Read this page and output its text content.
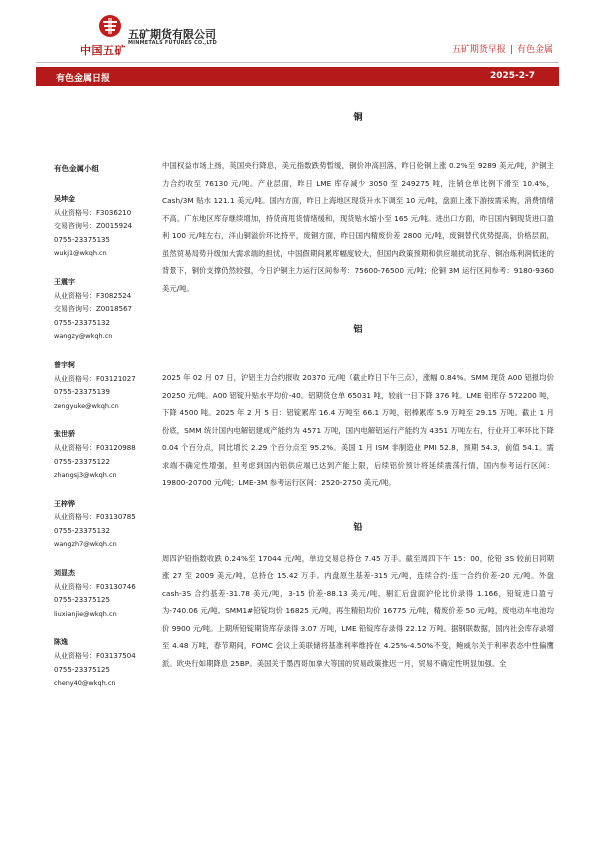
中国五矿
五矿期货有限公司
MINMETALS FUTURES CO.,LTD
五矿期货早报 | 有色金属
有色金属日报	2025-2-7
有色金属小组
吴坤金
从业资格号：F3036210
交易咨询号：Z0015924
0755-23375135
wukj1@wkqh.cn
王震宇
从业资格号：F3082524
交易咨询号：Z0018567
0755-23375132
wangzy@wkqh.cn
曾宇轲
从业资格号：F03121027
0755-23375139
zengyuke@wkqh.cn
张世骄
从业资格号：F03120988
0755-23375122
zhangsj3@wkqh.cn
王梓铧
从业资格号：F03130785
0755-23375132
wangzh7@wkqh.cn
刘显杰
从业资格号：F03130746
0755-23375125
liuxianjie@wkqh.cn
陈逸
从业资格号：F03137504
0755-23375125
cheny40@wkqh.cn
铜

中国权益市场上扬，英国央行降息，美元指数跌势暂缓，铜价冲高回落，昨日伦铜上涨 0.2%至 9289 美元/吨，沪铜主力合约收至 76130 元/吨。产业层面，昨日 LME 库存减少 3050 至 249275 吨，注销仓单比例下滑至 10.4%，Cash/3M 贴水 121.1 美元/吨。国内方面，昨日上海地区现货升水下调至 10 元/吨，盘面上涨下游按需采购，消费情绪不高。广东地区库存继续增加，持货商甩货情绪缓和，现货贴水缩小至 165 元/吨。进出口方面，昨日国内铜现货进口盈利 100 元/吨左右，洋山铜溢价环比持平，废铜方面，昨日国内精废价差 2800 元/吨，废铜替代优势提高，价格层面，虽然贸易局势升级加大需求端的担忧，中国假期间累库幅度较大，但国内政策预期和供应端扰动犹存、铜冶炼利润低迷的背景下，铜价支撑仍然较强，今日沪铜主力运行区间参考：75600-76500 元/吨；伦铜 3M 运行区间参考：9180-9360 美元/吨。

铝

2025 年 02 月 07 日，沪铝主力合约报收 20370 元/吨（截止昨日下午三点），涨幅 0.84%。SMM 现货 A00 铝报均价 20250 元/吨。A00 铝锭升贴水平均价-40。铝期货仓单 65031 吨，较前一日下降 376 吨。LME 铝库存 572200 吨，下降 4500 吨。2025 年 2 月 5 日：铝锭累库 16.4 万吨至 66.1 万吨，铝棒累库 5.9 万吨至 29.15 万吨。截止 1 月份底，SMM 统计国内电解铝建成产能约为 4571 万吨，国内电解铝运行产能约为 4351 万吨左右，行业开工率环比下降 0.04 个百分点，同比增长 2.29 个百分点至 95.2%。美国 1 月 ISM 非制造业 PMI 52.8，预期 54.3，前值 54.1。需求端不确定性增强，但考虑到国内铝供应端已达到产能上限，后续铝价预计将延续震荡行情，国内参考运行区间：19800-20700 元/吨；LME-3M 参考运行区间：2520-2750 美元/吨。

铅

周四沪铅指数收跌 0.24%至 17044 元/吨，单边交易总持仓 7.45 万手。截至周四下午 15：00，伦铅 3S 较前日同期涨 27 至 2009 美元/吨，总持仓 15.42 万手。内盘原生基差-315 元/吨，连续合约-连一合约价差-20 元/吨。外盘 cash-3S 合约基差-31.78 美元/吨，3-15 价差-88.13 美元/吨，剔汇后盘面沪伦比价录得 1.166，铅锭进口盈亏为-740.06 元/吨。SMM1#铅锭均价 16825 元/吨，再生精铅均价 16775 元/吨，精废价差 50 元/吨，废电动车电池均价 9900 元/吨。上期所铅锭期货库存录得 3.07 万吨，LME 铅锭库存录得 22.12 万吨。据钢联数据，国内社会库存录增至 4.48 万吨，春节期间，FOMC 会议上美联储将基准利率维持在 4.25%-4.50%不变，鲍威尔关于利率表态中性偏鹰派。欧央行如期降息 25BP。美国关于墨西哥加拿大等国的贸易政策推迟一月，贸易不确定性明显加强。全
